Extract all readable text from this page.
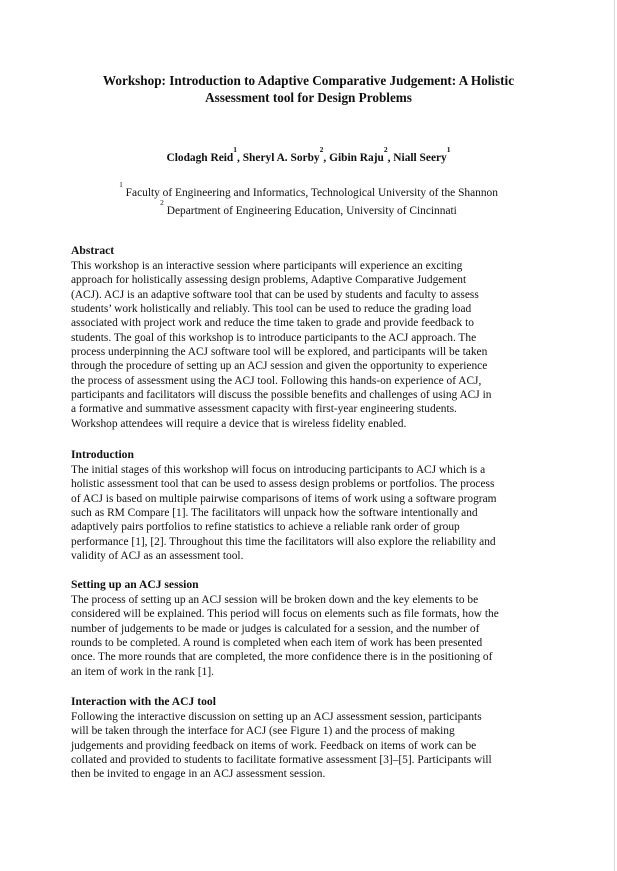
Workshop: Introduction to Adaptive Comparative Judgement: A Holistic
Assessment tool for Design Problems

Clodagh Reid$^1$, Sheryl A. Sorby$^2$, Gibin Raju$^2$, Niall Seery$^1$

$^1$ Faculty of Engineering and Informatics, Technological University of the Shannon

$^2$ Department of Engineering Education, University of Cincinnati

Abstract

This workshop is an interactive session where participants will experience an exciting
approach for holistically assessing design problems, Adaptive Comparative Judgement
(ACJ). ACJ is an adaptive software tool that can be used by students and faculty to assess
students’ work holistically and reliably. This tool can be used to reduce the grading load
associated with project work and reduce the time taken to grade and provide feedback to
students. The goal of this workshop is to introduce participants to the ACJ approach. The
process underpinning the ACJ software tool will be explored, and participants will be taken
through the procedure of setting up an ACJ session and given the opportunity to experience
the process of assessment using the ACJ tool. Following this hands-on experience of ACJ,
participants and facilitators will discuss the possible benefits and challenges of using ACJ in
a formative and summative assessment capacity with first-year engineering students.
Workshop attendees will require a device that is wireless fidelity enabled.

Introduction

The initial stages of this workshop will focus on introducing participants to ACJ which is a
holistic assessment tool that can be used to assess design problems or portfolios. The process
of ACJ is based on multiple pairwise comparisons of items of work using a software program
such as RM Compare [1]. The facilitators will unpack how the software intentionally and
adaptively pairs portfolios to refine statistics to achieve a reliable rank order of group
performance [1], [2]. Throughout this time the facilitators will also explore the reliability and
validity of ACJ as an assessment tool.

Setting up an ACJ session

The process of setting up an ACJ session will be broken down and the key elements to be
considered will be explained. This period will focus on elements such as file formats, how the
number of judgements to be made or judges is calculated for a session, and the number of
rounds to be completed. A round is completed when each item of work has been presented
once. The more rounds that are completed, the more confidence there is in the positioning of
an item of work in the rank [1].

Interaction with the ACJ tool

Following the interactive discussion on setting up an ACJ assessment session, participants
will be taken through the interface for ACJ (see Figure 1) and the process of making
judgements and providing feedback on items of work. Feedback on items of work can be
collated and provided to students to facilitate formative assessment [3]–[5]. Participants will
then be invited to engage in an ACJ assessment session.
